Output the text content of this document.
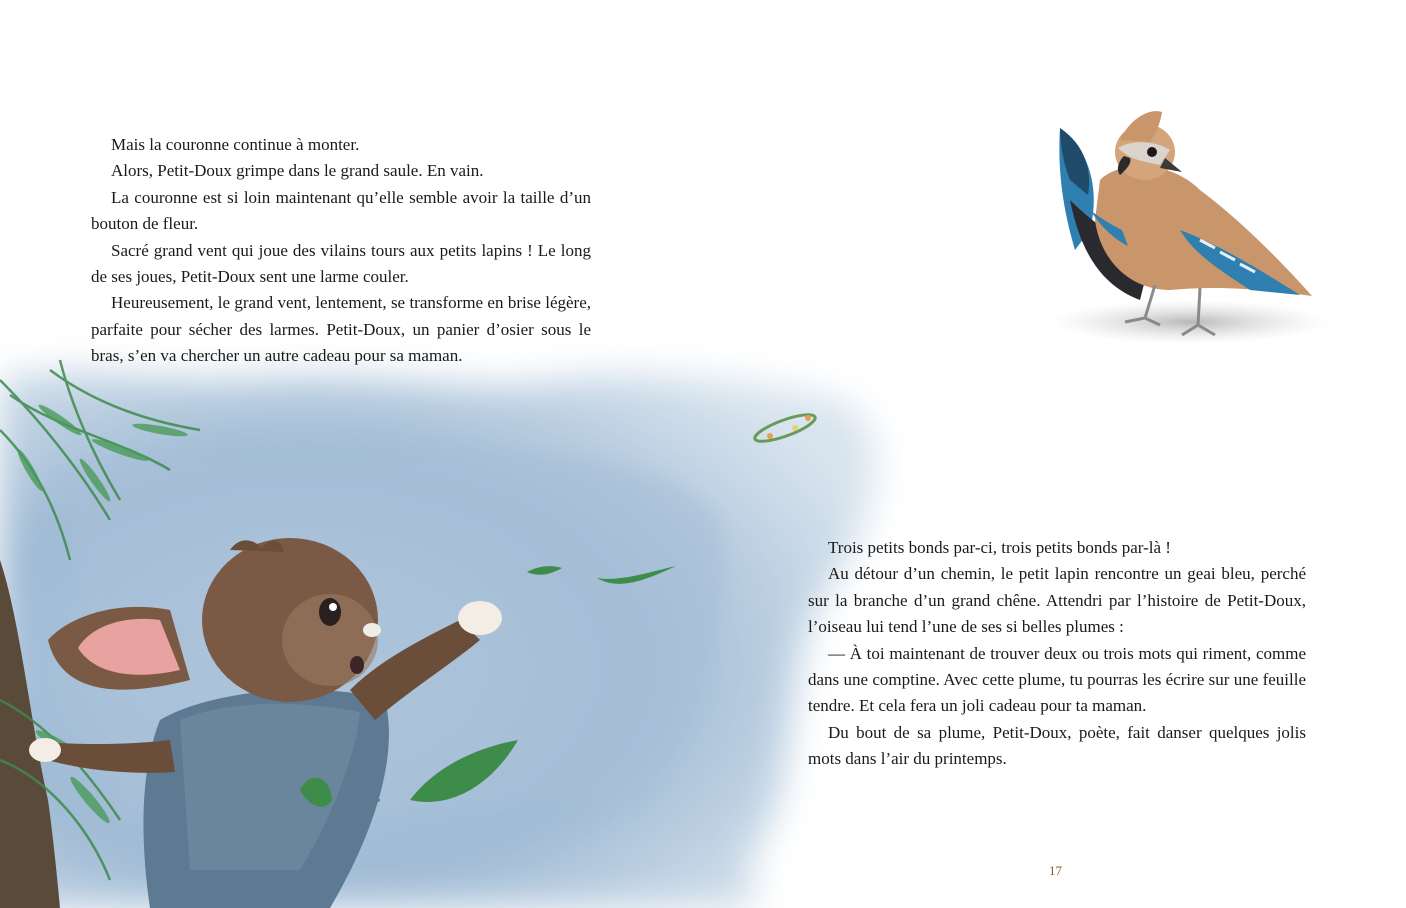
Mais la couronne continue à monter.

Alors, Petit-Doux grimpe dans le grand saule. En vain.

La couronne est si loin maintenant qu’elle semble avoir la taille d’un bouton de fleur.

Sacré grand vent qui joue des vilains tours aux petits lapins ! Le long de ses joues, Petit-Doux sent une larme couler.

Heureusement, le grand vent, lentement, se transforme en brise légère, parfaite pour sécher des larmes. Petit-Doux, un panier d’osier sous le bras, s’en va chercher un autre cadeau pour sa maman.

Trois petits bonds par-ci, trois petits bonds par-là !

Au détour d’un chemin, le petit lapin rencontre un geai bleu, perché sur la branche d’un grand chêne. Attendri par l’histoire de Petit-Doux, l’oiseau lui tend l’une de ses si belles plumes :

— À toi maintenant de trouver deux ou trois mots qui riment, comme dans une comptine. Avec cette plume, tu pourras les écrire sur une feuille tendre. Et cela fera un joli cadeau pour ta maman.

Du bout de sa plume, Petit-Doux, poète, fait danser quelques jolis mots dans l’air du printemps.

17
